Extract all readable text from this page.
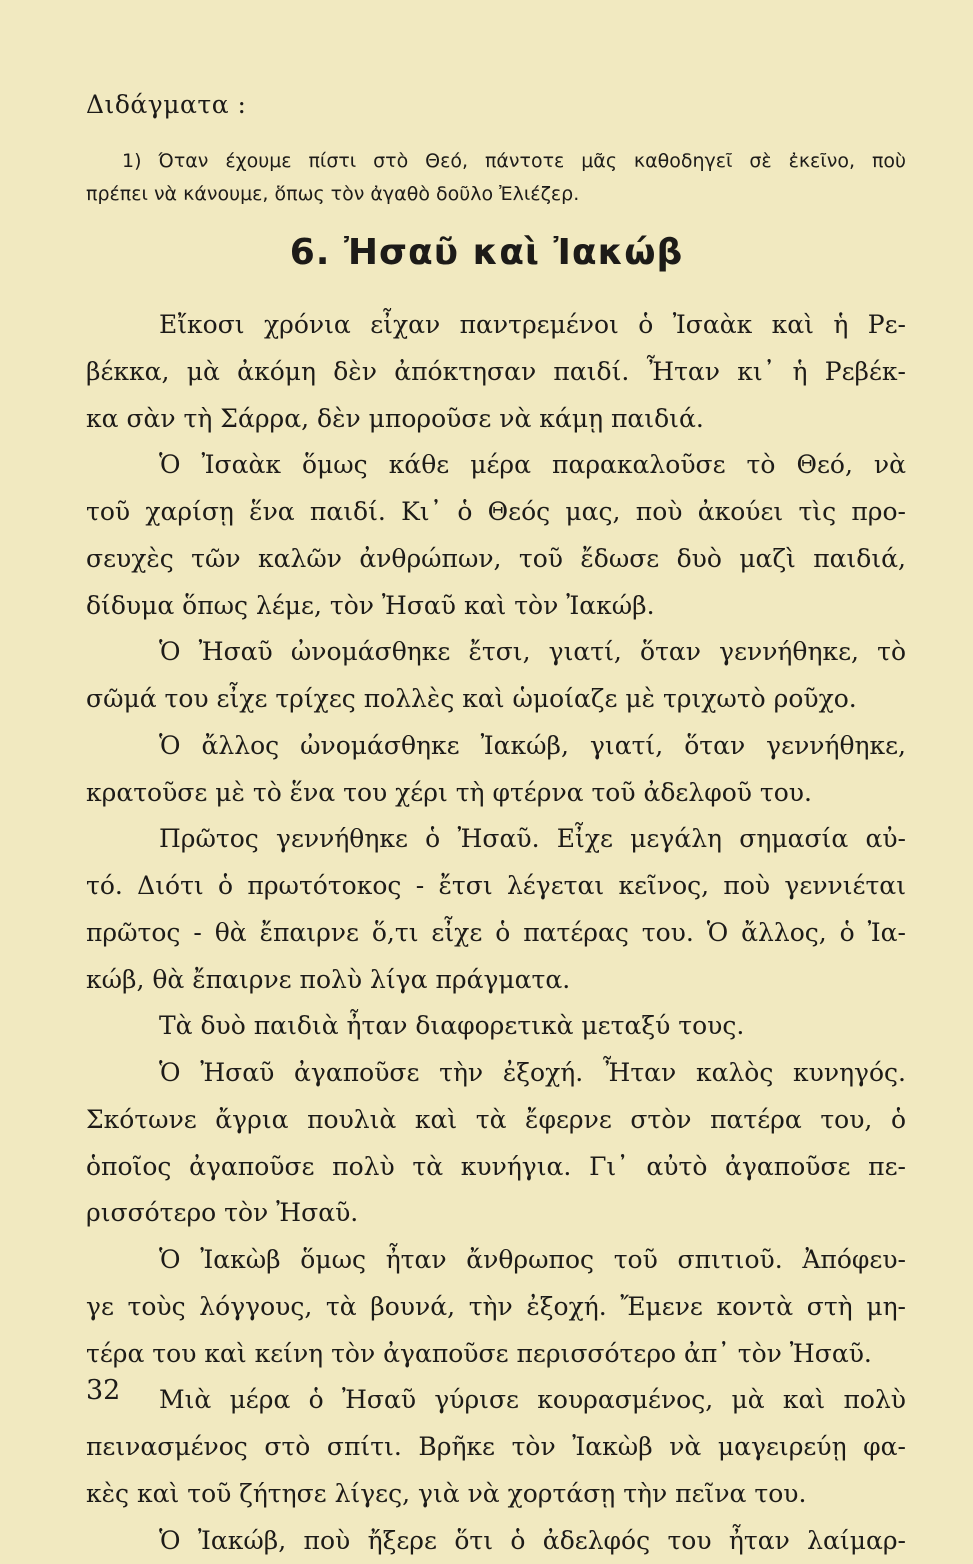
Διδάγματα :
1) Όταν έχουμε πίστι στὸ Θεό, πάντοτε μᾶς καθοδηγεῖ σὲ ἐκεῖνο, ποὺ
πρέπει νὰ κάνουμε, ὅπως τὸν ἀγαθὸ δοῦλο Ἐλιέζερ.
6. Ἠσαῦ καὶ Ἰακώβ
Εἴκοσι χρόνια εἶχαν παντρεμένοι ὁ Ἰσαὰκ καὶ ἡ Ρε-
βέκκα, μὰ ἀκόμη δὲν ἀπόκτησαν παιδί. Ἦταν κι᾽ ἡ Ρεβέκ-
κα σὰν τὴ Σάρρα, δὲν μποροῦσε νὰ κάμῃ παιδιά.
Ὁ Ἰσαὰκ ὅμως κάθε μέρα παρακαλοῦσε τὸ Θεό, νὰ
τοῦ χαρίσῃ ἕνα παιδί. Κι᾽ ὁ Θεός μας, ποὺ ἀκούει τὶς προ-
σευχὲς τῶν καλῶν ἀνθρώπων, τοῦ ἔδωσε δυὸ μαζὶ παιδιά,
δίδυμα ὅπως λέμε, τὸν Ἠσαῦ καὶ τὸν Ἰακώβ.
Ὁ Ἠσαῦ ὠνομάσθηκε ἔτσι, γιατί, ὅταν γεννήθηκε, τὸ
σῶμά του εἶχε τρίχες πολλὲς καὶ ὡμοίαζε μὲ τριχωτὸ ροῦχο.
Ὁ ἄλλος ὠνομάσθηκε Ἰακώβ, γιατί, ὅταν γεννήθηκε,
κρατοῦσε μὲ τὸ ἕνα του χέρι τὴ φτέρνα τοῦ ἀδελφοῦ του.
Πρῶτος γεννήθηκε ὁ Ἠσαῦ. Εἶχε μεγάλη σημασία αὐ-
τό. Διότι ὁ πρωτότοκος - ἔτσι λέγεται κεῖνος, ποὺ γεννιέται
πρῶτος - θὰ ἔπαιρνε ὅ,τι εἶχε ὁ πατέρας του. Ὁ ἄλλος, ὁ Ἰα-
κώβ, θὰ ἔπαιρνε πολὺ λίγα πράγματα.
Τὰ δυὸ παιδιὰ ἦταν διαφορετικὰ μεταξύ τους.
Ὁ Ἠσαῦ ἀγαποῦσε τὴν ἐξοχή. Ἦταν καλὸς κυνηγός.
Σκότωνε ἄγρια πουλιὰ καὶ τὰ ἔφερνε στὸν πατέρα του, ὁ
ὁποῖος ἀγαποῦσε πολὺ τὰ κυνήγια. Γι᾽ αὐτὸ ἀγαποῦσε πε-
ρισσότερο τὸν Ἠσαῦ.
Ὁ Ἰακὼβ ὅμως ἦταν ἄνθρωπος τοῦ σπιτιοῦ. Ἀπόφευ-
γε τοὺς λόγγους, τὰ βουνά, τὴν ἐξοχή. Ἔμενε κοντὰ στὴ μη-
τέρα του καὶ κείνη τὸν ἀγαποῦσε περισσότερο ἀπ᾽ τὸν Ἠσαῦ.
Μιὰ μέρα ὁ Ἠσαῦ γύρισε κουρασμένος, μὰ καὶ πολὺ
πεινασμένος στὸ σπίτι. Βρῆκε τὸν Ἰακὼβ νὰ μαγειρεύῃ φα-
κὲς καὶ τοῦ ζήτησε λίγες, γιὰ νὰ χορτάσῃ τὴν πεῖνα του.
Ὁ Ἰακώβ, ποὺ ἤξερε ὅτι ὁ ἀδελφός του ἦταν λαίμαρ-
32
